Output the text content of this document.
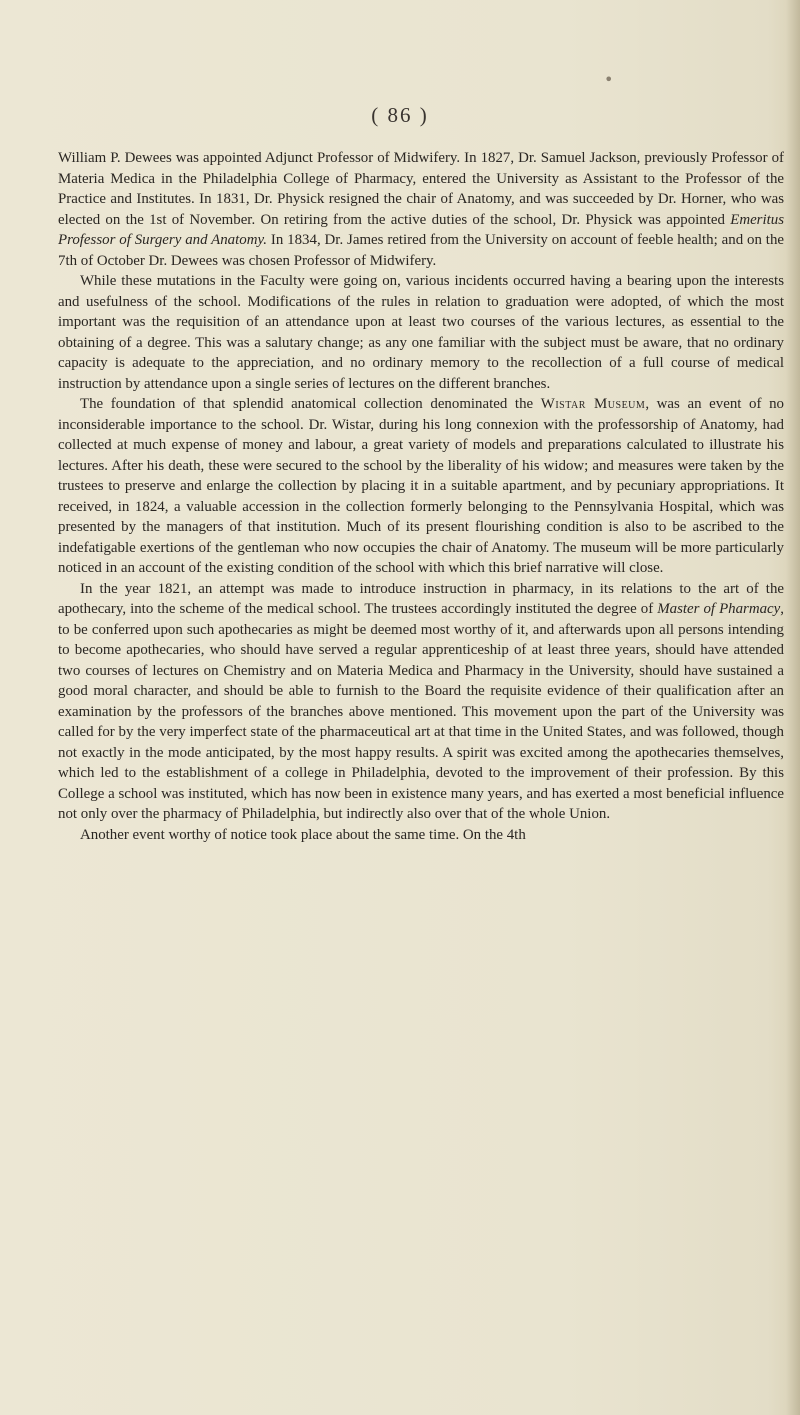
•
( 86 )

William P. Dewees was appointed Adjunct Professor of Midwifery. In 1827, Dr. Samuel Jackson, previously Professor of Materia Medica in the Philadelphia College of Pharmacy, entered the University as Assistant to the Professor of the Practice and Institutes. In 1831, Dr. Physick resigned the chair of Anatomy, and was succeeded by Dr. Horner, who was elected on the 1st of November. On retiring from the active duties of the school, Dr. Physick was appointed Emeritus Professor of Surgery and Anatomy. In 1834, Dr. James retired from the University on account of feeble health; and on the 7th of October Dr. Dewees was chosen Professor of Midwifery.

While these mutations in the Faculty were going on, various incidents occurred having a bearing upon the interests and usefulness of the school. Modifications of the rules in relation to graduation were adopted, of which the most important was the requisition of an attendance upon at least two courses of the various lectures, as essential to the obtaining of a degree. This was a salutary change; as any one familiar with the subject must be aware, that no ordinary capacity is adequate to the appreciation, and no ordinary memory to the recollection of a full course of medical instruction by attendance upon a single series of lectures on the different branches.

The foundation of that splendid anatomical collection denominated the Wistar Museum, was an event of no inconsiderable importance to the school. Dr. Wistar, during his long connexion with the professorship of Anatomy, had collected at much expense of money and labour, a great variety of models and preparations calculated to illustrate his lectures. After his death, these were secured to the school by the liberality of his widow; and measures were taken by the trustees to preserve and enlarge the collection by placing it in a suitable apartment, and by pecuniary appropriations. It received, in 1824, a valuable accession in the collection formerly belonging to the Pennsylvania Hospital, which was presented by the managers of that institution. Much of its present flourishing condition is also to be ascribed to the indefatigable exertions of the gentleman who now occupies the chair of Anatomy. The museum will be more particularly noticed in an account of the existing condition of the school with which this brief narrative will close.

In the year 1821, an attempt was made to introduce instruction in pharmacy, in its relations to the art of the apothecary, into the scheme of the medical school. The trustees accordingly instituted the degree of Master of Pharmacy, to be conferred upon such apothecaries as might be deemed most worthy of it, and afterwards upon all persons intending to become apothecaries, who should have served a regular apprenticeship of at least three years, should have attended two courses of lectures on Chemistry and on Materia Medica and Pharmacy in the University, should have sustained a good moral character, and should be able to furnish to the Board the requisite evidence of their qualification after an examination by the professors of the branches above mentioned. This movement upon the part of the University was called for by the very imperfect state of the pharmaceutical art at that time in the United States, and was followed, though not exactly in the mode anticipated, by the most happy results. A spirit was excited among the apothecaries themselves, which led to the establishment of a college in Philadelphia, devoted to the improvement of their profession. By this College a school was instituted, which has now been in existence many years, and has exerted a most beneficial influence not only over the pharmacy of Philadelphia, but indirectly also over that of the whole Union.

Another event worthy of notice took place about the same time. On the 4th
